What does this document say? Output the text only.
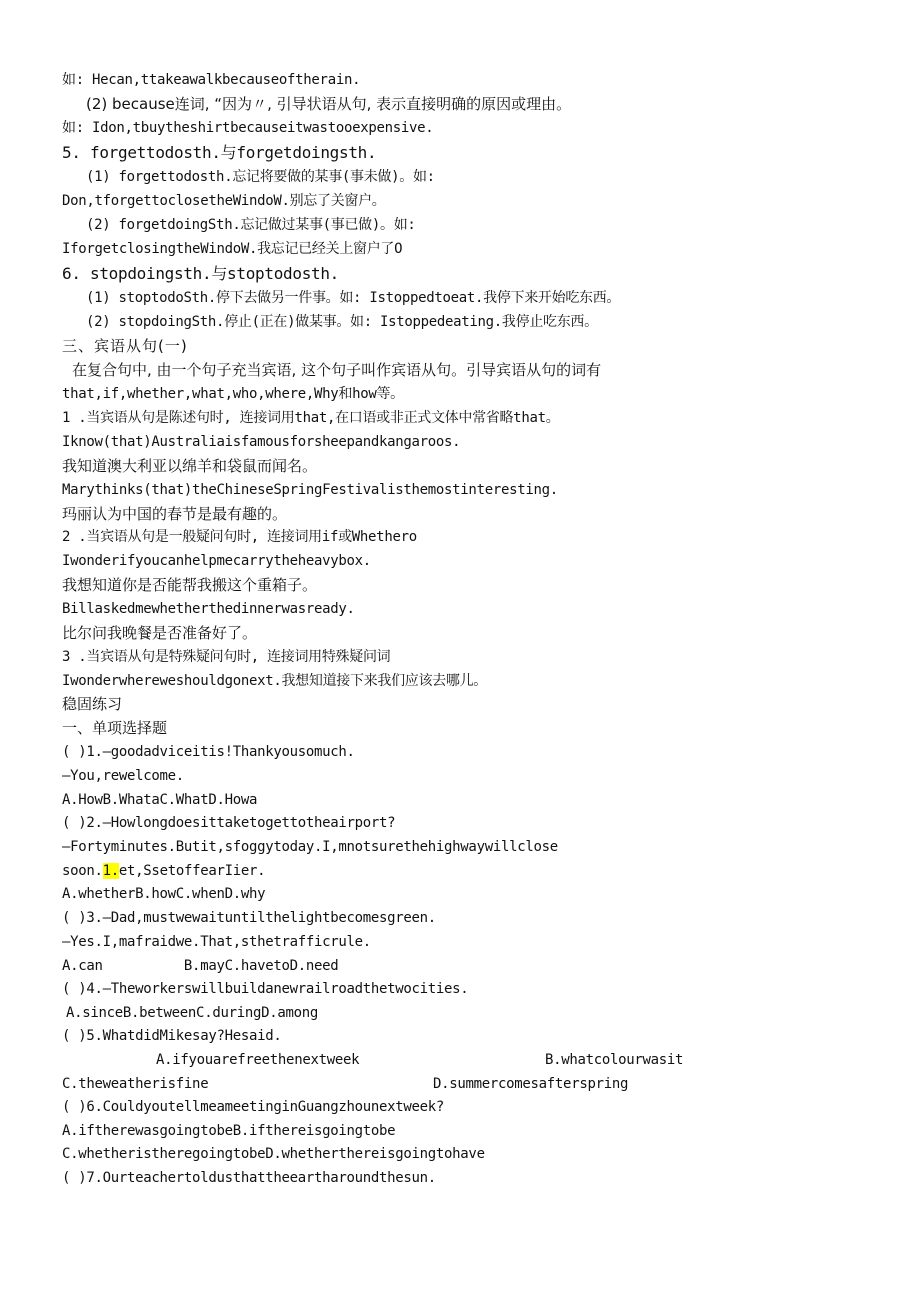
如: Hecan,ttakeawalkbecauseoftherain.
(2) because连词, “因为〃, 引导状语从句, 表示直接明确的原因或理由。
如: Idon,tbuytheshirtbecauseitwastooexpensive.
5. forgettodosth.与forgetdoingsth.
(1) forgettodosth.忘记将要做的某事(事未做)。如:
Don,tforgettoclosetheWindoW.别忘了关窗户。
(2) forgetdoingSth.忘记做过某事(事已做)。如:
IforgetclosingtheWindoW.我忘记已经关上窗户了O
6. stopdoingsth.与stoptodosth.
(1) stoptodoSth.停下去做另一件事。如: Istoppedtoeat.我停下来开始吃东西。
(2) stopdoingSth.停止(正在)做某事。如: Istoppedeating.我停止吃东西。
三、宾语从句(一)
在复合句中, 由一个句子充当宾语, 这个句子叫作宾语从句。引导宾语从句的词有
that,if,whether,what,who,where,Why和how等。
1 .当宾语从句是陈述句时, 连接词用that,在口语或非正式文体中常省略that。
Iknow(that)Australiaisfamousforsheepandkangaroos.
我知道澳大利亚以绵羊和袋鼠而闻名。
Marythinks(that)theChineseSpringFestivalisthemostinteresting.
玛丽认为中国的春节是最有趣的。
2 .当宾语从句是一般疑问句时, 连接词用if或Whethero
Iwonderifyoucanhelpmecarrytheheavybox.
我想知道你是否能帮我搬这个重箱子。
Billaskedmewhetherthedinnerwasready.
比尔问我晚餐是否准备好了。
3 .当宾语从句是特殊疑问句时, 连接词用特殊疑问词
Iwonderwhereweshouldgonext.我想知道接下来我们应该去哪儿。
稳固练习
一、单项选择题
( )1.—goodadviceitis!Thankyousomuch.
—You,rewelcome.
A.HowB.WhataC.WhatD.Howa
( )2.—Howlongdoesittaketogettotheairport?
—Fortyminutes.Butit,sfoggytoday.I,mnotsurethehighwaywillclose
soon.1.et,SsetoffearIier.
A.whetherB.howC.whenD.why
( )3.—Dad,mustwewaituntilthelightbecomesgreen.
—Yes.I,mafraidwe.That,sthetrafficrule.
A.can          B.mayC.havetoD.need
( )4.—Theworkerswillbuildanewrailroadthetwocities.
A.sinceB.betweenC.duringD.among
( )5.WhatdidMikesay?Hesaid.
A.ifyouarefreethenextweek	B.whatcolourwasit
C.theweatherisfine	D.summercomesafterspring
( )6.CouldyoutellmeameetinginGuangzhounextweek?
A.iftherewasgoingtobeB.ifthereisgoingtobe
C.whetheristheregoingtobeD.whetherthereisgoingtohave
( )7.Ourteachertoldusthattheeartharoundthesun.
